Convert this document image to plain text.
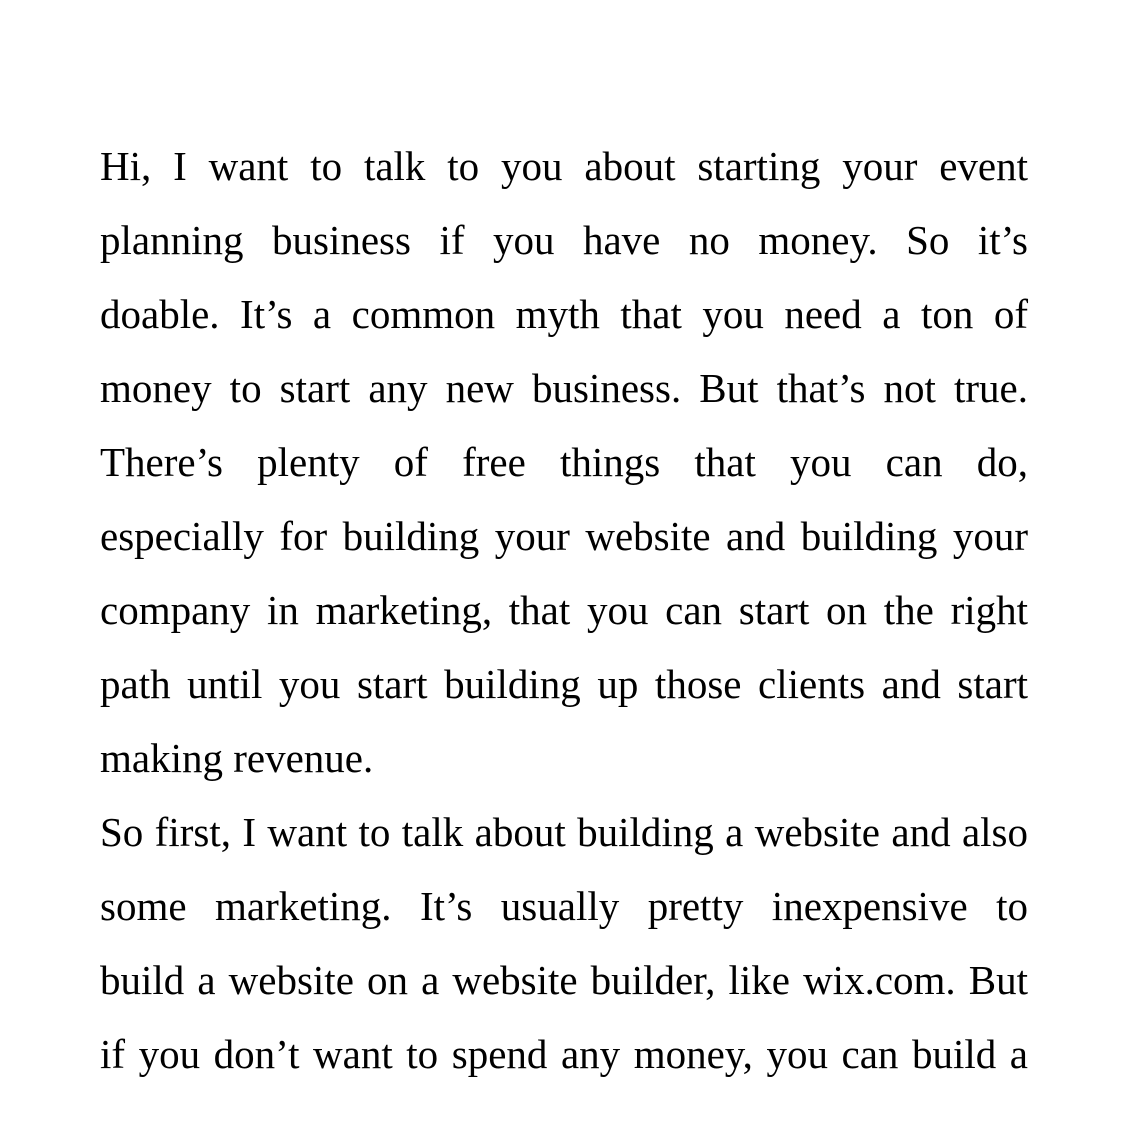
Hi, I want to talk to you about starting your event
planning business if you have no money. So it’s
doable. It’s a common myth that you need a ton of
money to start any new business. But that’s not true.
There’s plenty of free things that you can do,
especially for building your website and building your
company in marketing, that you can start on the right
path until you start building up those clients and start
making revenue.
So first, I want to talk about building a website and also
some marketing. It’s usually pretty inexpensive to
build a website on a website builder, like wix.com. But
if you don’t want to spend any money, you can build a
